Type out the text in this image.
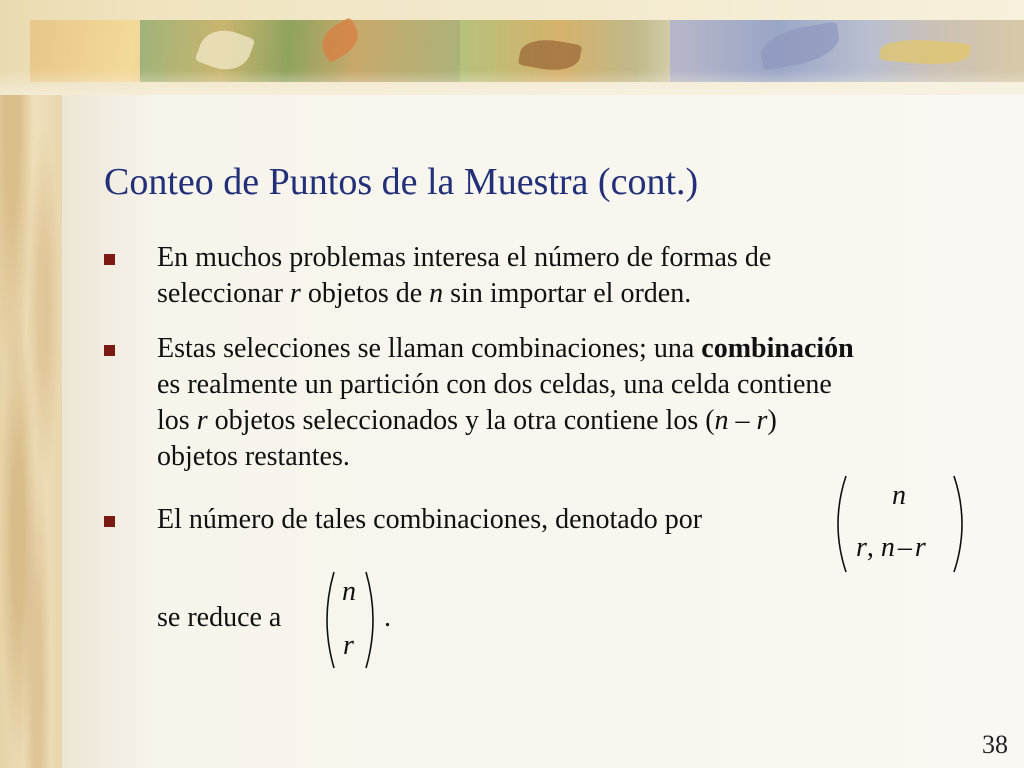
Conteo de Puntos de la Muestra (cont.)
En muchos problemas interesa el número de formas de
seleccionar r objetos de n sin importar el orden.
Estas selecciones se llaman combinaciones; una combinación
es realmente un partición con dos celdas, una celda contiene
los r objetos seleccionados y la otra contiene los (n – r)
objetos restantes.
El número de tales combinaciones, denotado por
se reduce a	.
n
r, n – r
n
r
38
